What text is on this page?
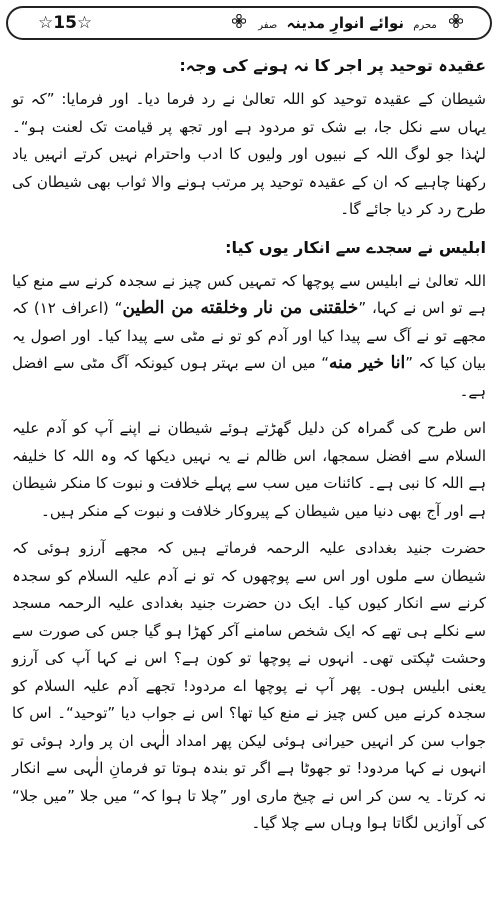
☆15☆	محرم نوائے انوارِ مدینہ صفر
عقیدہ توحید پر اجر کا نہ ہونے کی وجہ:

شیطان کے عقیدہ توحید کو اللہ تعالیٰ نے رد فرما دیا۔ اور فرمایا: ”کہ تو یہاں سے نکل جا، بے شک تو مردود ہے اور تجھ پر قیامت تک لعنت ہو“۔ لہٰذا جو لوگ اللہ کے نبیوں اور ولیوں کا ادب واحترام نہیں کرتے انہیں یاد رکھنا چاہیے کہ ان کے عقیدہ توحید پر مرتب ہونے والا ثواب بھی شیطان کی طرح رد کر دیا جائے گا۔

ابلیس نے سجدے سے انکار یوں کیا:

اللہ تعالیٰ نے ابلیس سے پوچھا کہ تمہیں کس چیز نے سجدہ کرنے سے منع کیا ہے تو اس نے کہا، ”خلقتنی من نار وخلقته من الطین“ (اعراف ۱۲) کہ مجھے تو نے آگ سے پیدا کیا اور آدم کو تو نے مٹی سے پیدا کیا۔ اور اصول یہ بیان کیا کہ ”انا خیر منه“ میں ان سے بہتر ہوں کیونکہ آگ مٹی سے افضل ہے۔

اس طرح کی گمراہ کن دلیل گھڑتے ہوئے شیطان نے اپنے آپ کو آدم علیہ السلام سے افضل سمجھا، اس ظالم نے یہ نہیں دیکھا کہ وہ اللہ کا خلیفہ ہے اللہ کا نبی ہے۔ کائنات میں سب سے پہلے خلافت و نبوت کا منکر شیطان ہے اور آج بھی دنیا میں شیطان کے پیروکار خلافت و نبوت کے منکر ہیں۔

حضرت جنید بغدادی علیہ الرحمہ فرماتے ہیں کہ مجھے آرزو ہوئی کہ شیطان سے ملوں اور اس سے پوچھوں کہ تو نے آدم علیہ السلام کو سجدہ کرنے سے انکار کیوں کیا۔ ایک دن حضرت جنید بغدادی علیہ الرحمہ مسجد سے نکلے ہی تھے کہ ایک شخص سامنے آکر کھڑا ہو گیا جس کی صورت سے وحشت ٹپکتی تھی۔ انہوں نے پوچھا تو کون ہے؟ اس نے کہا آپ کی آرزو یعنی ابلیس ہوں۔ پھر آپ نے پوچھا اے مردود! تجھے آدم علیہ السلام کو سجدہ کرنے میں کس چیز نے منع کیا تھا؟ اس نے جواب دیا ”توحید“۔ اس کا جواب سن کر انہیں حیرانی ہوئی لیکن پھر امداد الٰہی ان پر وارد ہوئی تو انہوں نے کہا مردود! تو جھوٹا ہے اگر تو بندہ ہوتا تو فرمانِ الٰہی سے انکار نہ کرتا۔ یہ سن کر اس نے چیخ ماری اور ”چلا تا ہوا کہ“ میں جلا ”میں جلا“ کی آوازیں لگاتا ہوا وہاں سے چلا گیا۔
